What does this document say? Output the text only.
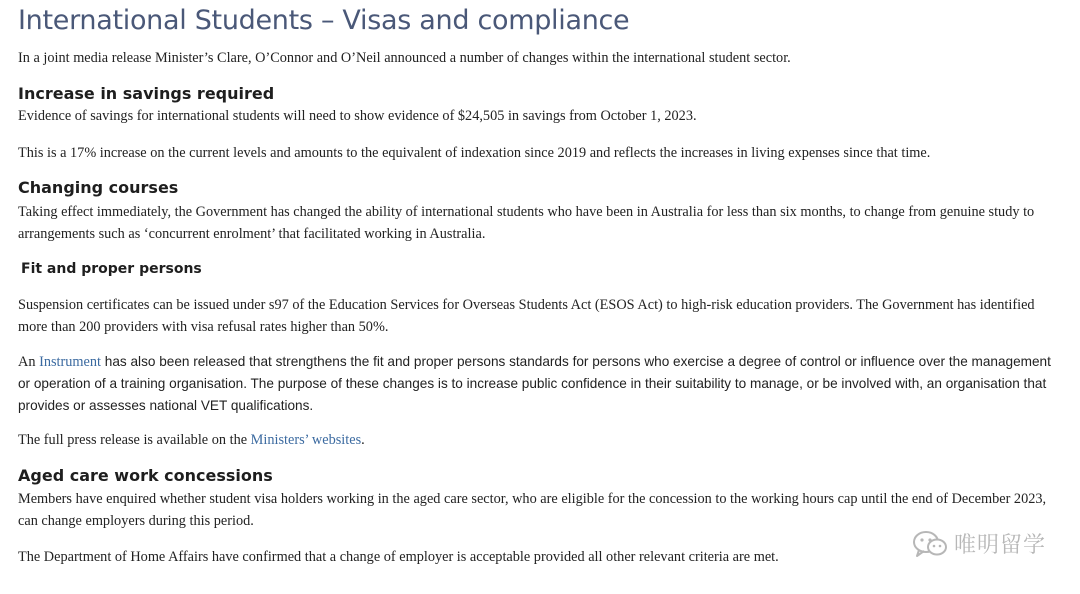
International Students – Visas and compliance

In a joint media release Minister’s Clare, O’Connor and O’Neil announced a number of changes within the international student sector.

Increase in savings required

Evidence of savings for international students will need to show evidence of $24,505 in savings from October 1, 2023.

This is a 17% increase on the current levels and amounts to the equivalent of indexation since 2019 and reflects the increases in living expenses since that time.

Changing courses

Taking effect immediately, the Government has changed the ability of international students who have been in Australia for less than six months, to change from genuine study to arrangements such as ‘concurrent enrolment’ that facilitated working in Australia.

Fit and proper persons

Suspension certificates can be issued under s97 of the Education Services for Overseas Students Act (ESOS Act) to high-risk education providers. The Government has identified more than 200 providers with visa refusal rates higher than 50%.

An Instrument has also been released that strengthens the fit and proper persons standards for persons who exercise a degree of control or influence over the management or operation of a training organisation. The purpose of these changes is to increase public confidence in their suitability to manage, or be involved with, an organisation that provides or assesses national VET qualifications.

The full press release is available on the Ministers’ websites.

Aged care work concessions

Members have enquired whether student visa holders working in the aged care sector, who are eligible for the concession to the working hours cap until the end of December 2023, can change employers during this period.

The Department of Home Affairs have confirmed that a change of employer is acceptable provided all other relevant criteria are met.	唯明留学
